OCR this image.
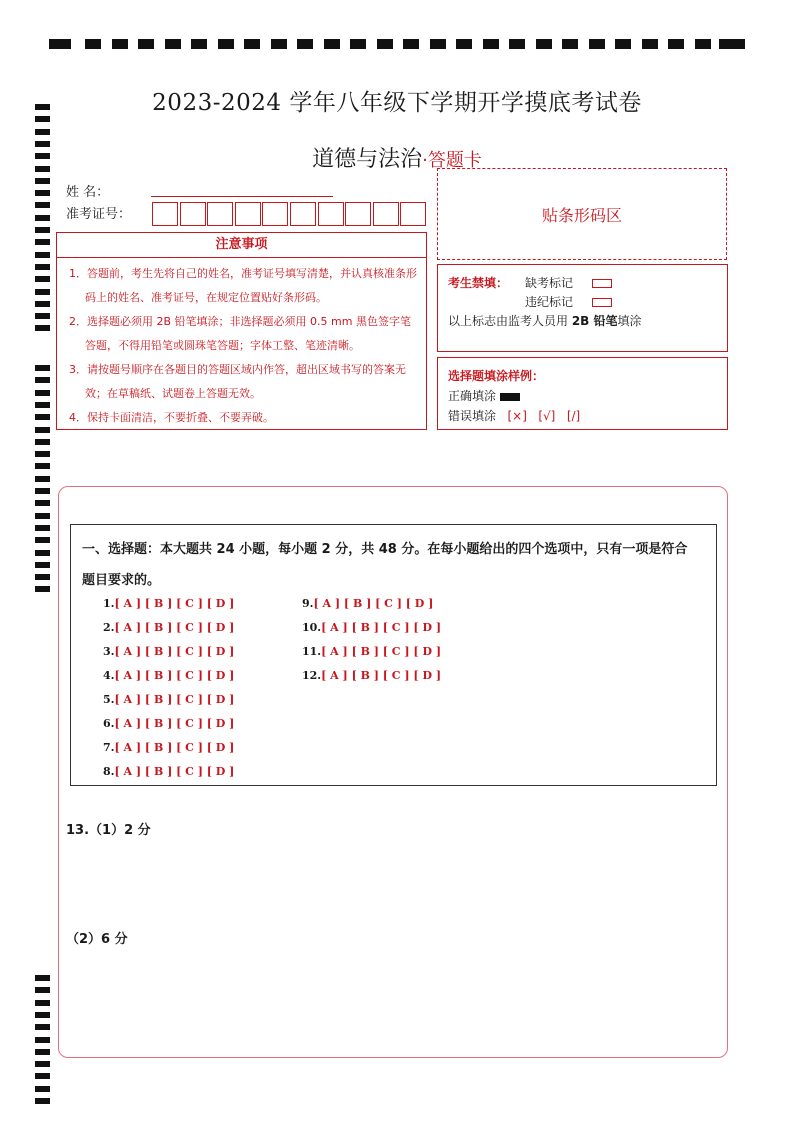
2023-2024 学年八年级下学期开学摸底考试卷
道德与法治·答题卡
姓 名：
准考证号：	贴条形码区
注意事项
1．答题前，考生先将自己的姓名，准考证号填写清楚，并认真核准条形码上的姓名、准考证号，在规定位置贴好条形码。
2．选择题必须用 2B 铅笔填涂；非选择题必须用 0.5 mm 黑色签字笔答题，不得用铅笔或圆珠笔答题；字体工整、笔迹清晰。
3．请按题号顺序在各题目的答题区域内作答，超出区域书写的答案无效；在草稿纸、试题卷上答题无效。
4．保持卡面清洁，不要折叠、不要弄破。
考生禁填： 缺考标记
违纪标记
以上标志由监考人员用 2B 铅笔填涂
选择题填涂样例：
正确填涂
错误填涂 [×] [√] [/]
一、选择题：本大题共 24 小题，每小题 2 分，共 48 分。在每小题给出的四个选项中，只有一项是符合
题目要求的。
1.[ A ] [ B ] [ C ] [ D ]
2.[ A ] [ B ] [ C ] [ D ]
3.[ A ] [ B ] [ C ] [ D ]
4.[ A ] [ B ] [ C ] [ D ]
5.[ A ] [ B ] [ C ] [ D ]
6.[ A ] [ B ] [ C ] [ D ]
7.[ A ] [ B ] [ C ] [ D ]
8.[ A ] [ B ] [ C ] [ D ]
9.[ A ] [ B ] [ C ] [ D ]
10.[ A ] [ B ] [ C ] [ D ]
11.[ A ] [ B ] [ C ] [ D ]
12.[ A ] [ B ] [ C ] [ D ]
13.（1）2 分
（2）6 分
